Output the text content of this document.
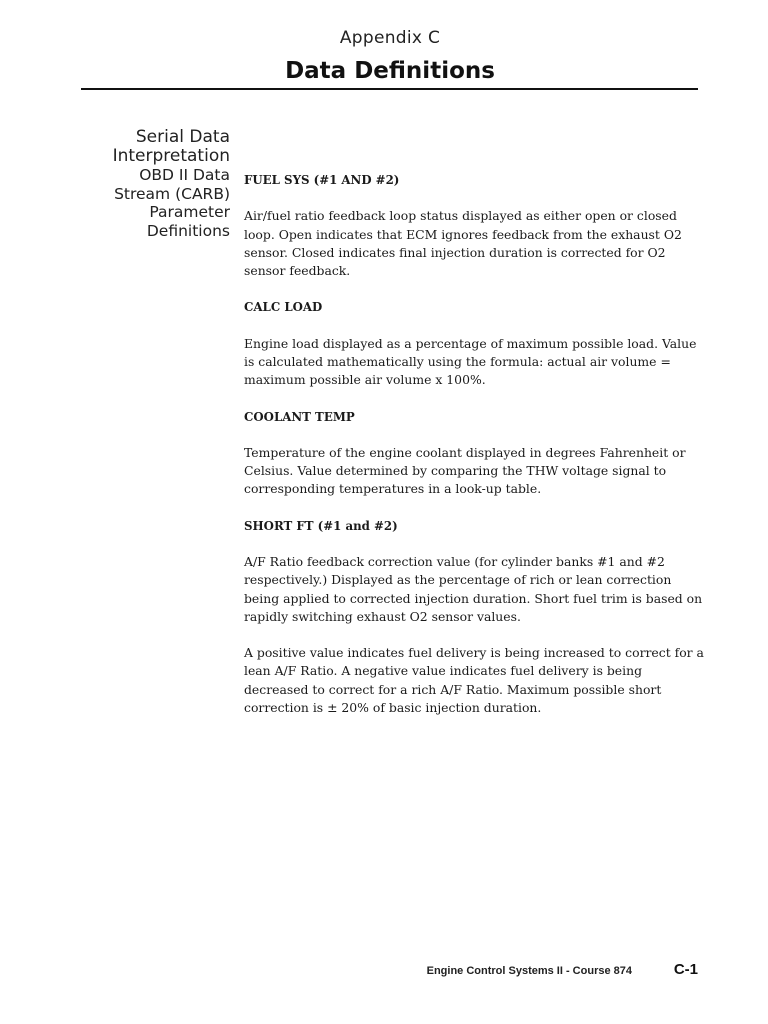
Appendix C
Data Definitions
Serial Data
Interpretation
OBD II Data
Stream (CARB)
Parameter
Definitions

FUEL SYS (#1 AND #2)

Air/fuel ratio feedback loop status displayed as either open or closed loop. Open indicates that ECM ignores feedback from the exhaust O2 sensor. Closed indicates final injection duration is corrected for O2 sensor feedback.

CALC LOAD

Engine load displayed as a percentage of maximum possible load. Value is calculated mathematically using the formula: actual air volume = maximum possible air volume x 100%.

COOLANT TEMP

Temperature of the engine coolant displayed in degrees Fahrenheit or Celsius. Value determined by comparing the THW voltage signal to corresponding temperatures in a look-up table.

SHORT FT (#1 and #2)

A/F Ratio feedback correction value (for cylinder banks #1 and #2 respectively.) Displayed as the percentage of rich or lean correction being applied to corrected injection duration. Short fuel trim is based on rapidly switching exhaust O2 sensor values.

A positive value indicates fuel delivery is being increased to correct for a lean A/F Ratio. A negative value indicates fuel delivery is being decreased to correct for a rich A/F Ratio. Maximum possible short correction is ± 20% of basic injection duration.

Engine Control Systems II - Course 874	C-1
